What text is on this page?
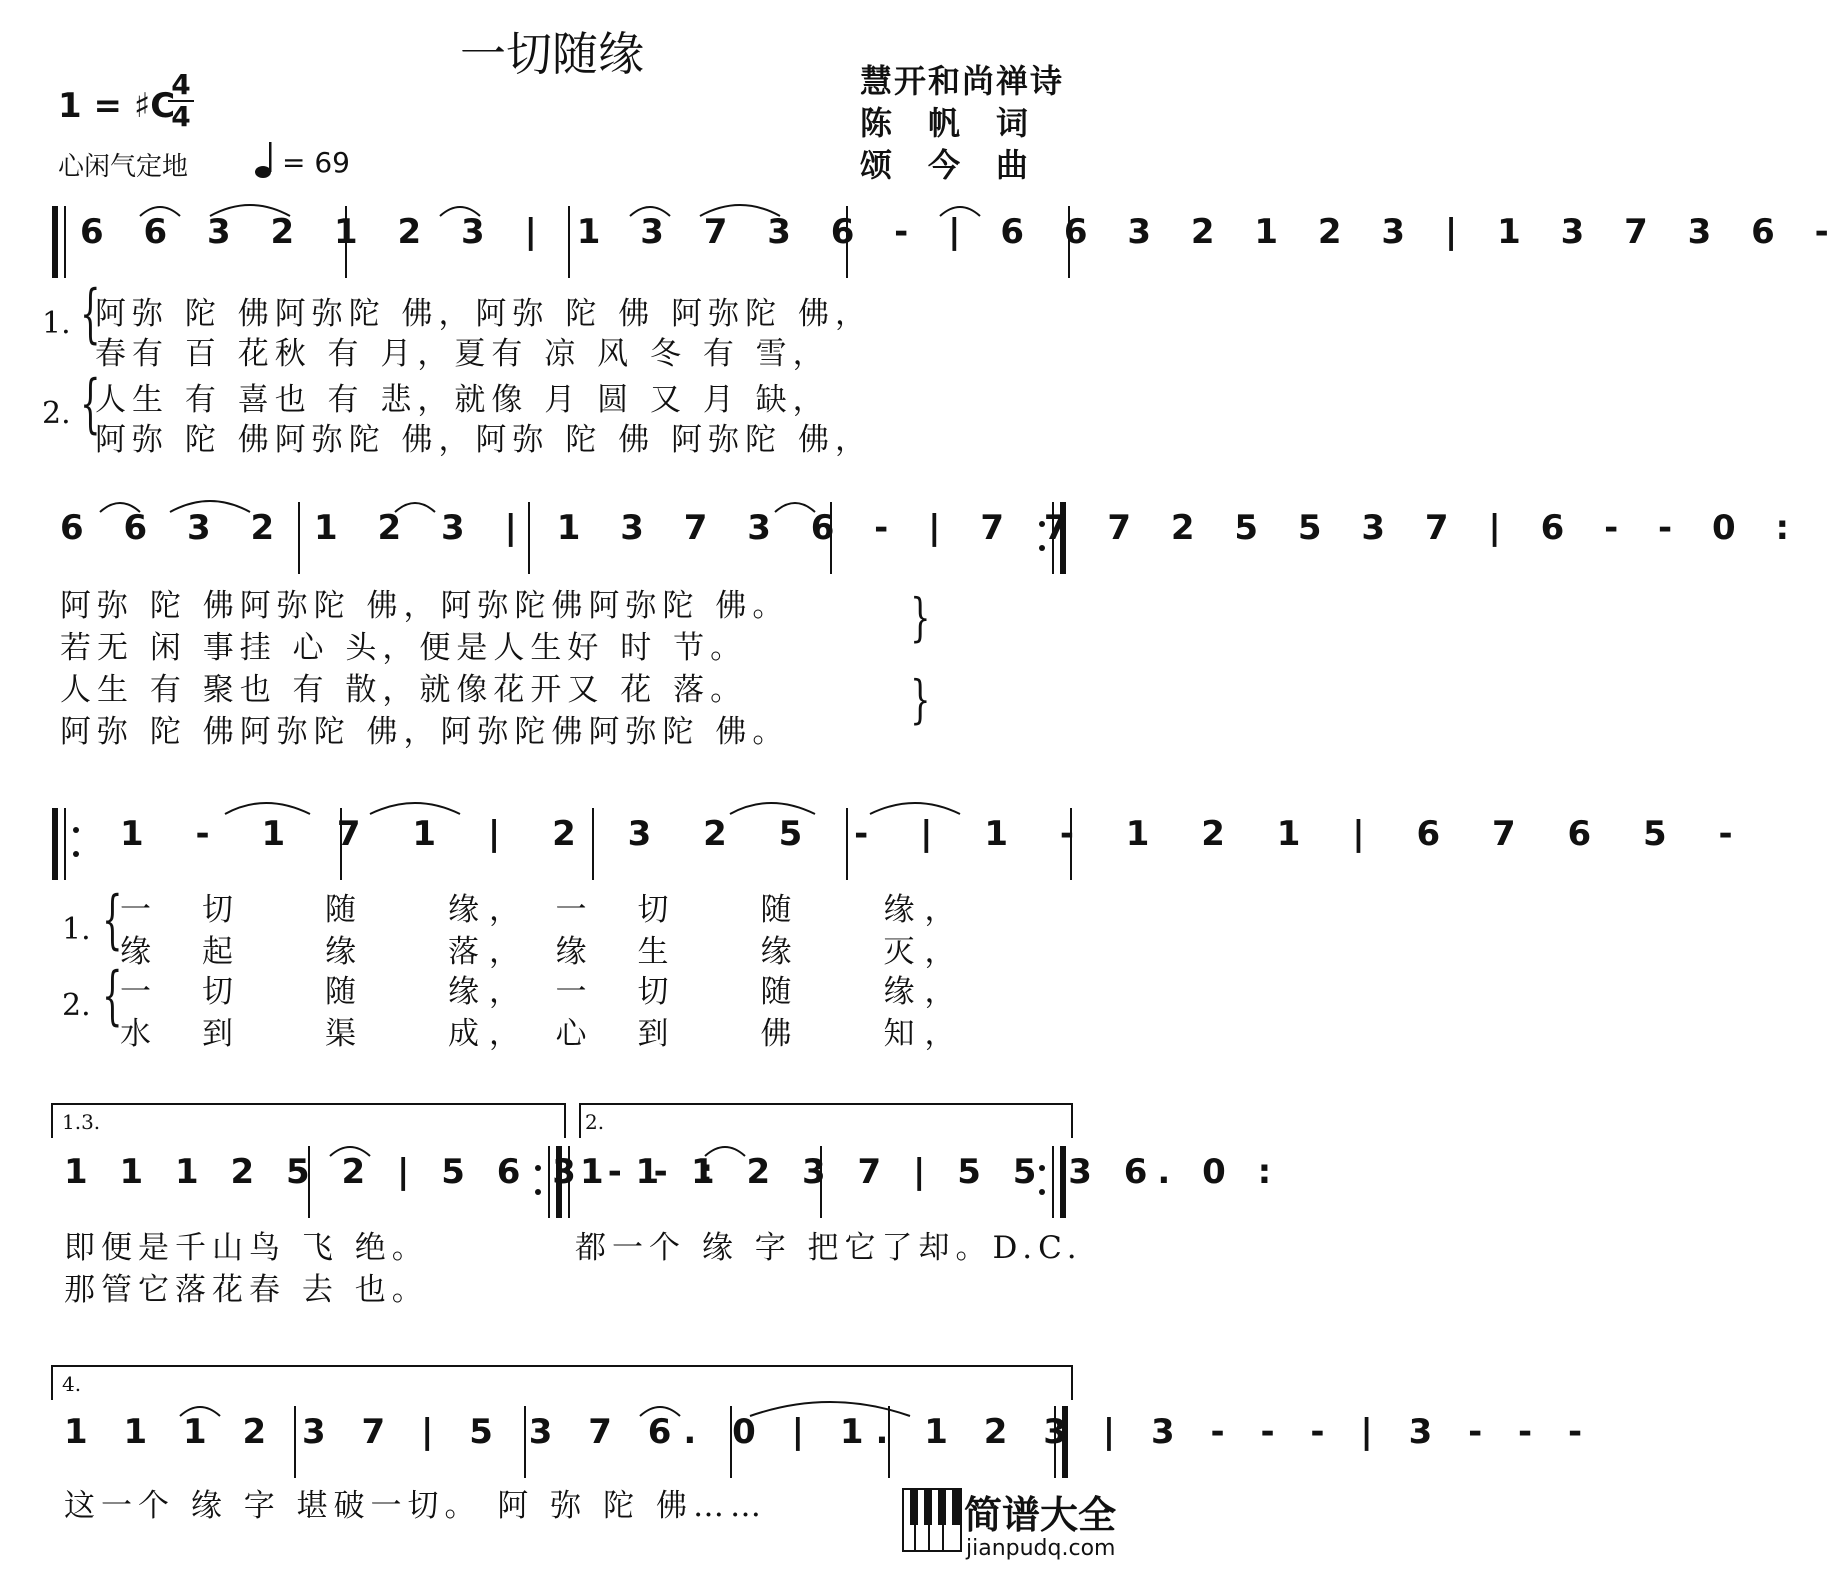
一切随缘
1 = ♯C
4
4
心闲气定地	= 69
慧开和尚禅诗
陈　帆　词
颂　今　曲
6 6 3 2 1 2 3 | 1 3 7 3 6 - | 6 6 3 2 1 2 3 | 1 3 7 3 6 -
1. {
阿弥 陀 佛阿弥陀 佛，阿弥 陀 佛 阿弥陀 佛，
春有 百 花秋 有 月，夏有 凉 风 冬 有 雪，
2. {
人生 有 喜也 有 悲，就像 月 圆 又 月 缺，
阿弥 陀 佛阿弥陀 佛，阿弥 陀 佛 阿弥陀 佛，
6 6 3 2 1 2 3 | 1 3 7 3 6 - | 7 7 7 2 5 5 3 7 | 6 - - 0 :
阿弥 陀 佛阿弥陀 佛，阿弥陀佛阿弥陀 佛。
若无 闲 事挂 心 头，便是人生好 时 节。
人生 有 聚也 有 散，就像花开又 花 落。
阿弥 陀 佛阿弥陀 佛，阿弥陀佛阿弥陀 佛。
}
}
1 - 1 7 1 | 2 3 2 5 - | 1 - 1 2 1 | 6 7 6 5 -
1. {
一　切　　随　　缘，　一　切　　随　　缘，
缘　起　　缘　　落，　缘　生　　缘　　灭，
2. {
一　切　　随　　缘，　一　切　　随　　缘，
水　到　　渠　　成，　心　到　　佛　　知，
1.3.	2.
1 1 1 2 5 2 | 5 6 3 - - :
1 1 1 2 3 7 | 5 5 3 6. 0 :
即便是千山鸟 飞 绝。
那管它落花春 去 也。
都一个 缘 字 把它了却。D.C.
4.
1 1 1 2 3 7 | 5 3 7 6. 0 | 1. 1 2 3 | 3 - - - | 3 - - -
这一个 缘 字 堪破一切。 阿 弥 陀 佛……	简谱大全
jianpudq.com
